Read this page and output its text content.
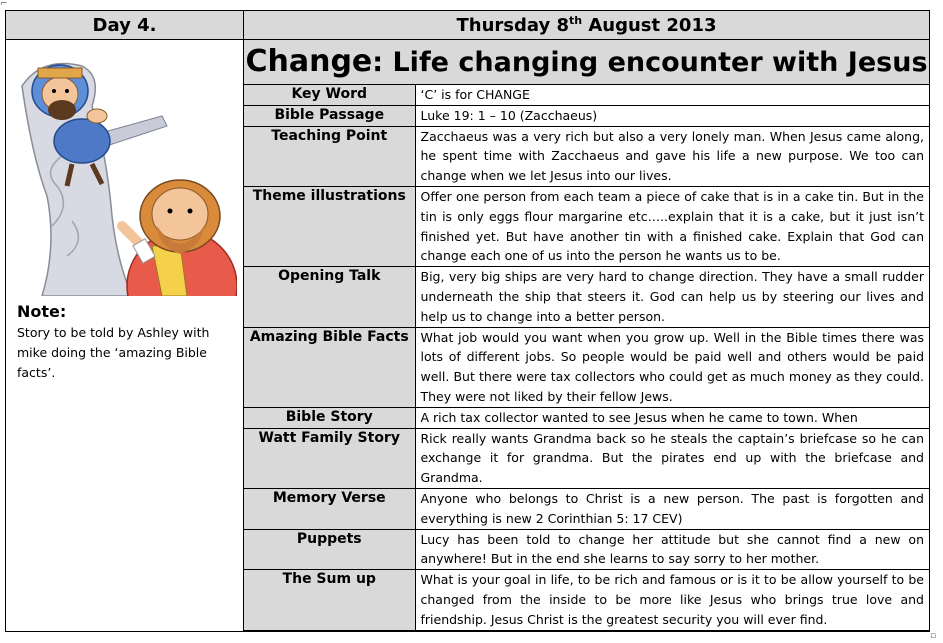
⌐
▫
Day 4.	Thursday 8th August 2013

Note:
Story to be told by Ashley with mike doing the ‘amazing Bible facts’.

Change: Life changing encounter with Jesus
Key Word	‘C’ is for CHANGE
Bible Passage	Luke 19: 1 – 10 (Zacchaeus)
Teaching Point	Zacchaeus was a very rich but also a very lonely man. When Jesus came along, he spent time with Zacchaeus and gave his life a new purpose. We too can change when we let Jesus into our lives.
Theme illustrations	Offer one person from each team a piece of cake that is in a cake tin. But in the tin is only eggs flour margarine etc…..explain that it is a cake, but it just isn’t finished yet. But have another tin with a finished cake. Explain that God can change each one of us into the person he wants us to be.
Opening Talk	Big, very big ships are very hard to change direction. They have a small rudder underneath the ship that steers it. God can help us by steering our lives and help us to change into a better person.
Amazing Bible Facts	What job would you want when you grow up. Well in the Bible times there was lots of different jobs. So people would be paid well and others would be paid well. But there were tax collectors who could get as much money as they could. They were not liked by their fellow Jews.
Bible Story	A rich tax collector wanted to see Jesus when he came to town. When
Watt Family Story	Rick really wants Grandma back so he steals the captain’s briefcase so he can exchange it for grandma. But the pirates end up with the briefcase and Grandma.
Memory Verse	Anyone who belongs to Christ is a new person. The past is forgotten and everything is new 2 Corinthian 5: 17 CEV)
Puppets	Lucy has been told to change her attitude but she cannot find a new on anywhere! But in the end she learns to say sorry to her mother.
The Sum up	What is your goal in life, to be rich and famous or is it to be allow yourself to be changed from the inside to be more like Jesus who brings true love and friendship. Jesus Christ is the greatest security you will ever find.
